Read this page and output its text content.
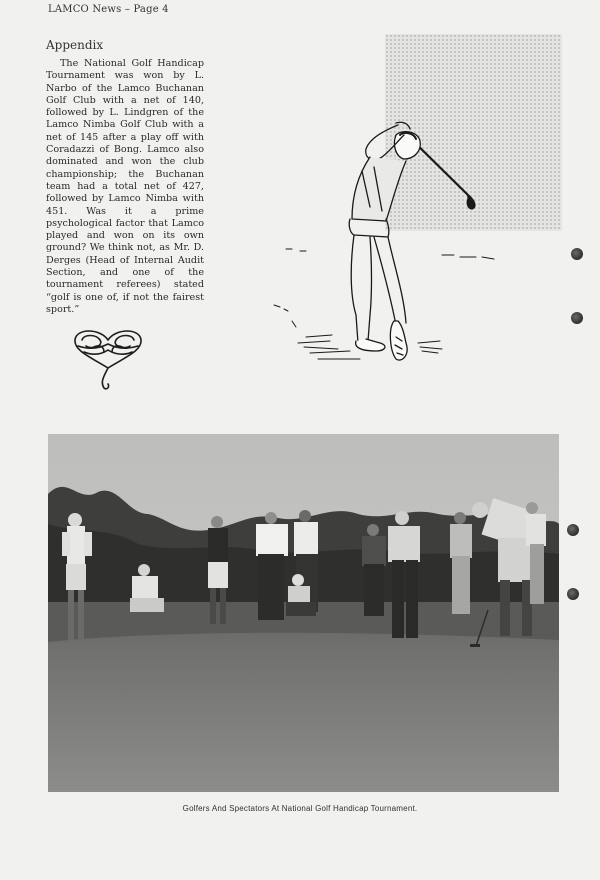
LAMCO News – Page 4
Appendix

The National Golf Handicap Tournament was won by L. Narbo of the Lamco Buchanan Golf Club with a net of 140, followed by L. Lindgren of the Lamco Nimba Golf Club with a net of 145 after a play off with Coradazzi of Bong. Lamco also dominated and won the club championship; the Buchanan team had a total net of 427, followed by Lamco Nimba with 451. Was it a prime psychological factor that Lamco played and won on its own ground? We think not, as Mr. D. Derges (Head of Internal Audit Section, and one of the tournament referees) stated “golf is one of, if not the fairest sport.”

Golfers And Spectators At National Golf Handicap Tournament.
